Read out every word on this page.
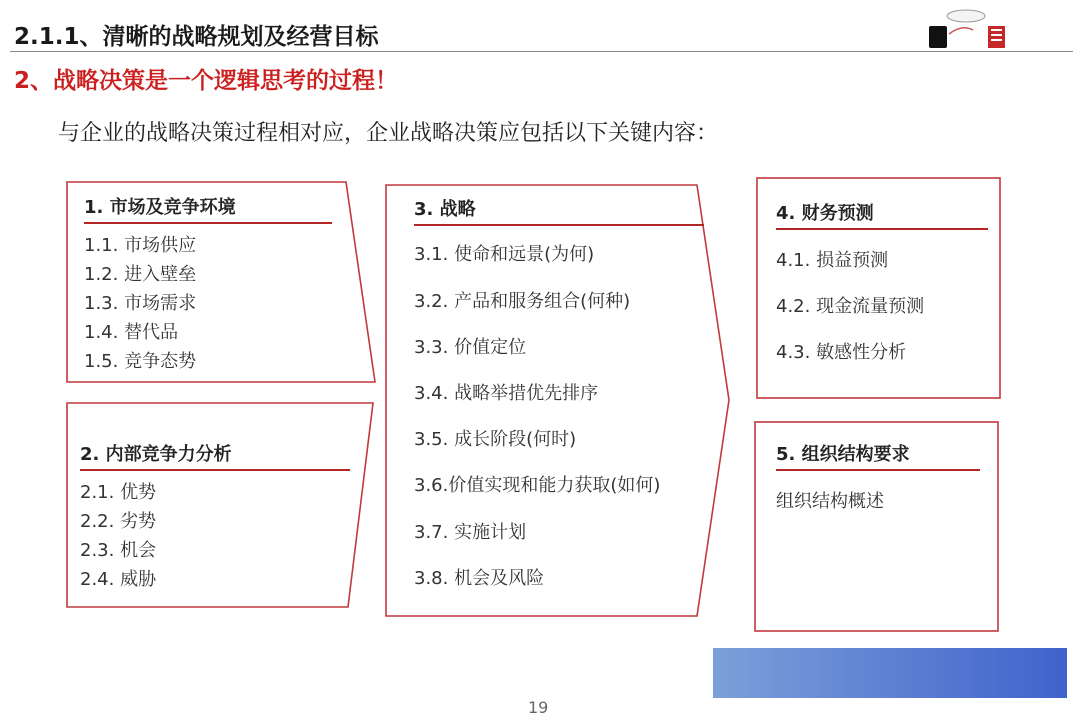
2.1.1、清晰的战略规划及经营目标
2、战略决策是一个逻辑思考的过程！
与企业的战略决策过程相对应，企业战略决策应包括以下关键内容：
1. 市场及竞争环境
1.1. 市场供应
1.2. 进入壁垒
1.3. 市场需求
1.4. 替代品
1.5. 竞争态势
2. 内部竞争力分析
2.1. 优势
2.2. 劣势
2.3. 机会
2.4. 威胁
3. 战略
3.1. 使命和远景(为何)
3.2. 产品和服务组合(何种)
3.3. 价值定位
3.4. 战略举措优先排序
3.5. 成长阶段(何时)
3.6.价值实现和能力获取(如何)
3.7. 实施计划
3.8. 机会及风险
4. 财务预测
4.1. 损益预测
4.2. 现金流量预测
4.3. 敏感性分析
5. 组织结构要求
组织结构概述
19
